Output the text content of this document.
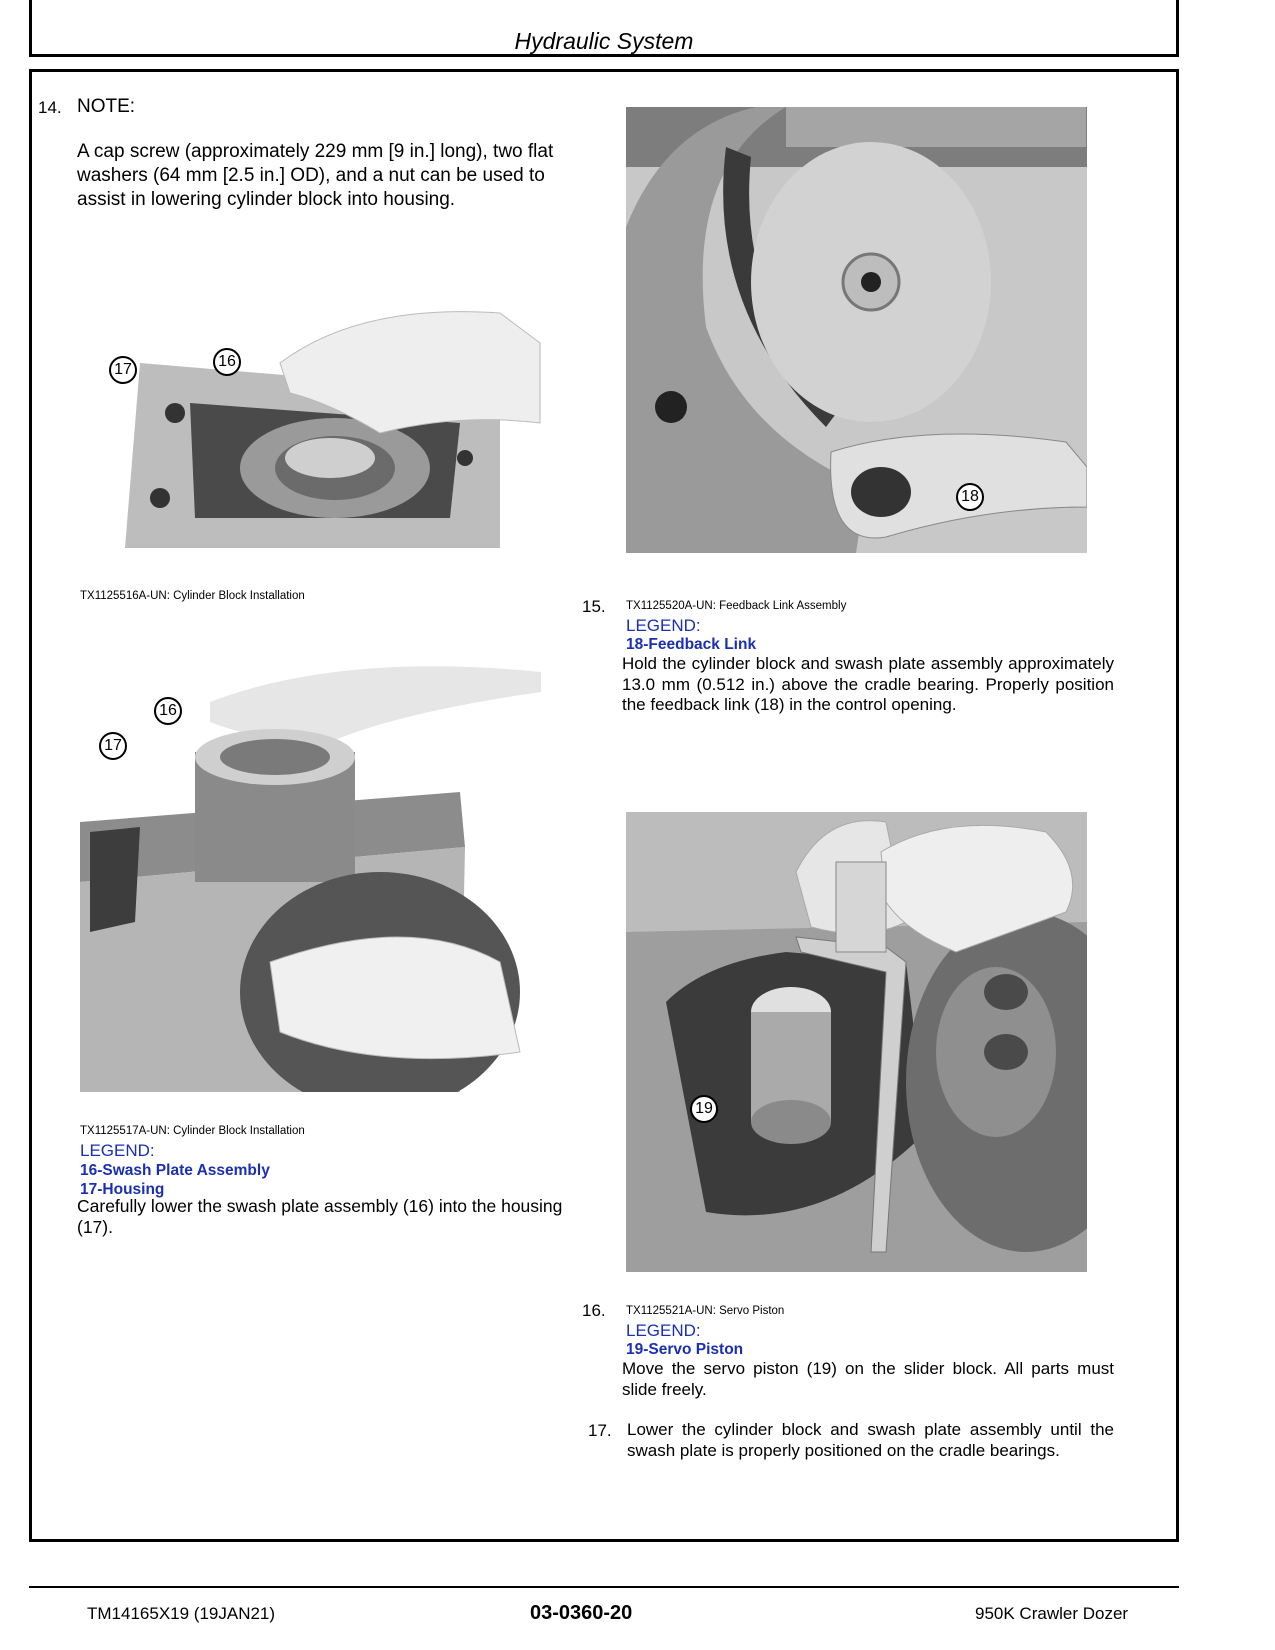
Hydraulic System
14. NOTE:
A cap screw (approximately 229 mm [9 in.] long), two flat washers (64 mm [2.5 in.] OD), and a nut can be used to assist in lowering cylinder block into housing.
17	16
TX1125516A-UN: Cylinder Block Installation
16
17
TX1125517A-UN: Cylinder Block Installation
LEGEND:
16-Swash Plate Assembly
17-Housing
Carefully lower the swash plate assembly (16) into the housing (17).
18
15. TX1125520A-UN: Feedback Link Assembly
LEGEND:
18-Feedback Link
Hold the cylinder block and swash plate assembly approximately 13.0 mm (0.512 in.) above the cradle bearing. Properly position the feedback link (18) in the control opening.
19
16. TX1125521A-UN: Servo Piston
LEGEND:
19-Servo Piston
Move the servo piston (19) on the slider block. All parts must slide freely.
17. Lower the cylinder block and swash plate assembly until the swash plate is properly positioned on the cradle bearings.
TM14165X19 (19JAN21)	03-0360-20	950K Crawler Dozer
